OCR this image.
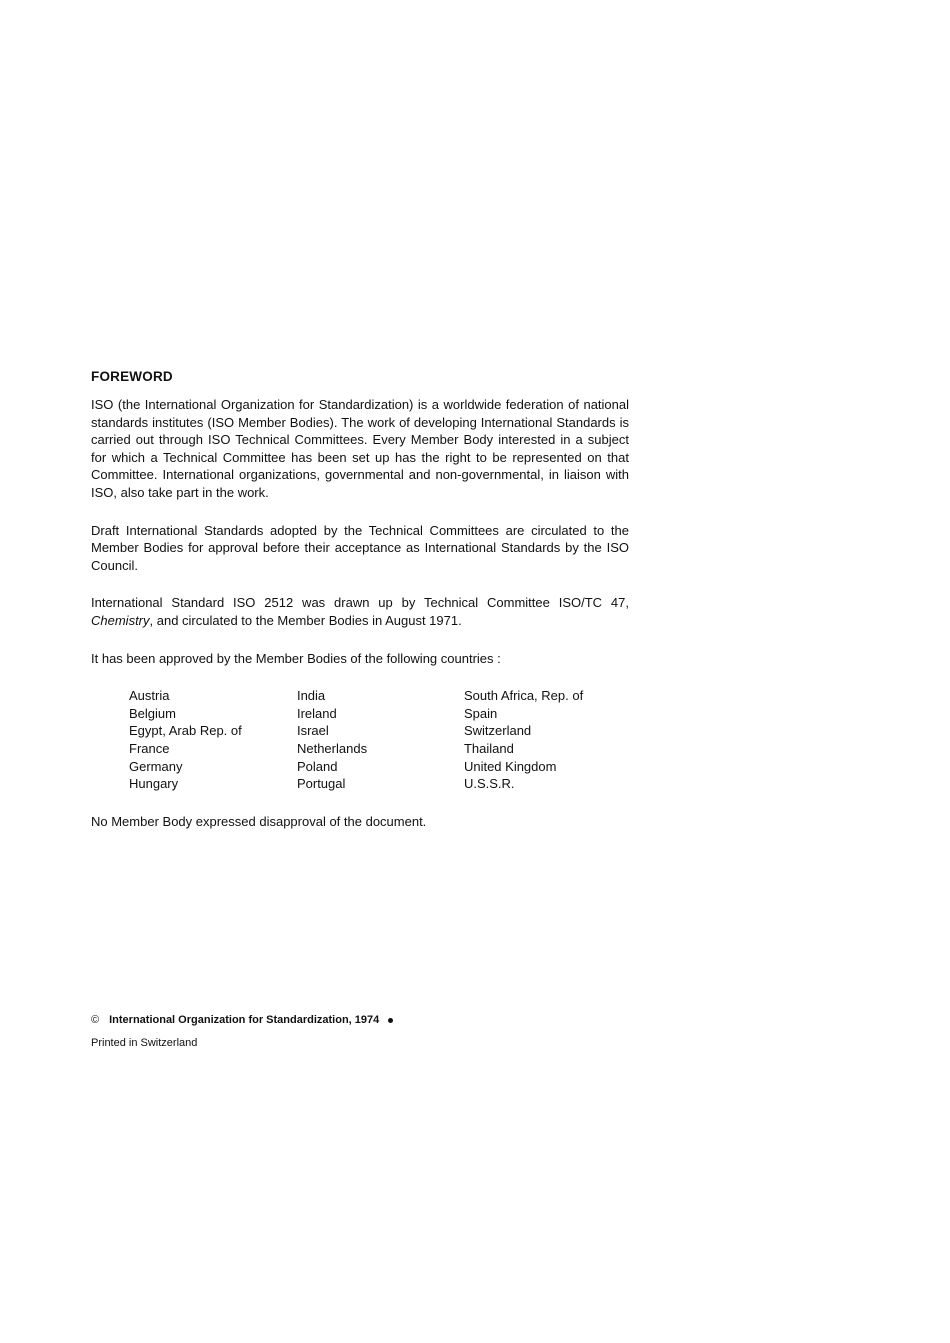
FOREWORD

ISO (the International Organization for Standardization) is a worldwide federation of national standards institutes (ISO Member Bodies). The work of developing International Standards is carried out through ISO Technical Committees. Every Member Body interested in a subject for which a Technical Committee has been set up has the right to be represented on that Committee. International organizations, governmental and non-governmental, in liaison with ISO, also take part in the work.

Draft International Standards adopted by the Technical Committees are circulated to the Member Bodies for approval before their acceptance as International Standards by the ISO Council.

International Standard ISO 2512 was drawn up by Technical Committee ISO/TC 47, Chemistry, and circulated to the Member Bodies in August 1971.

It has been approved by the Member Bodies of the following countries :

Austria
Belgium
Egypt, Arab Rep. of
France
Germany
Hungary
India
Ireland
Israel
Netherlands
Poland
Portugal
South Africa, Rep. of
Spain
Switzerland
Thailand
United Kingdom
U.S.S.R.

No Member Body expressed disapproval of the document.

© International Organization for Standardization, 1974
Printed in Switzerland
